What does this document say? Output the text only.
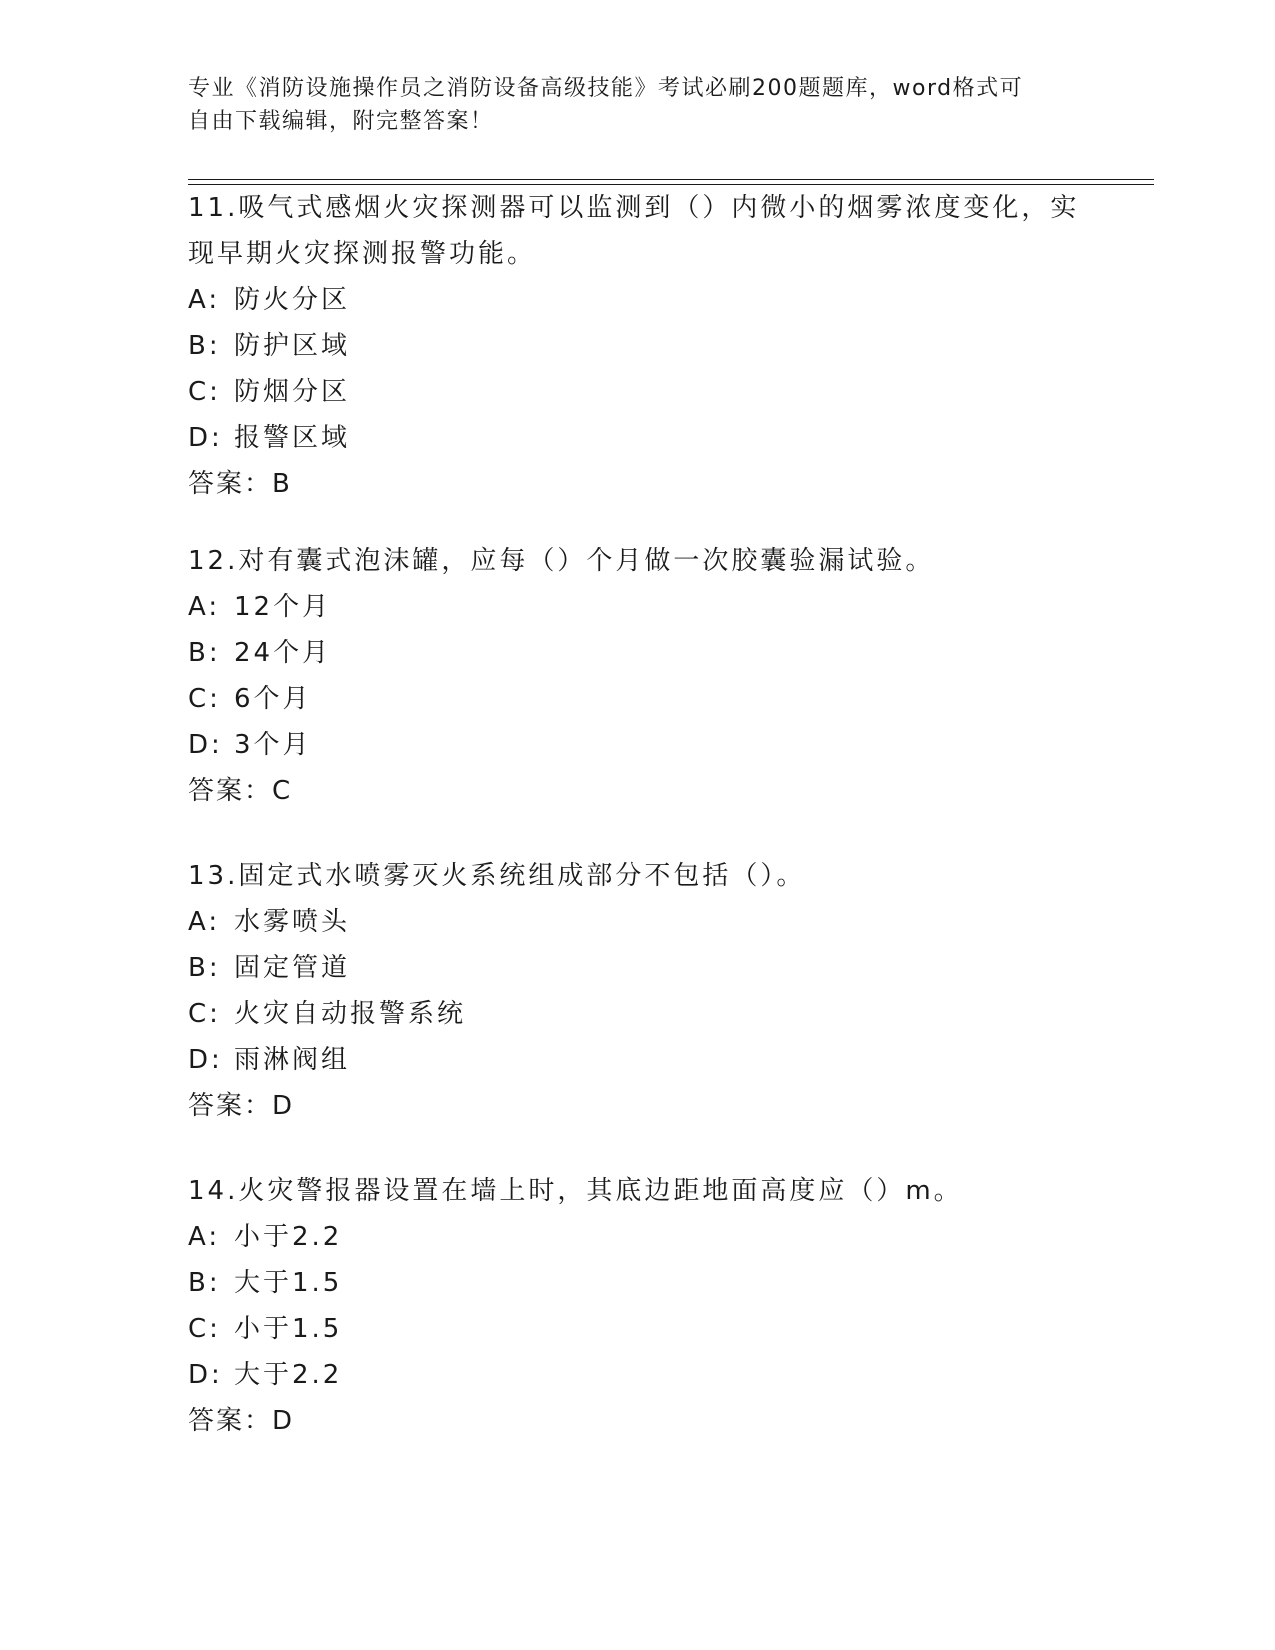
专业《消防设施操作员之消防设备高级技能》考试必刷200题题库，word格式可
自由下载编辑，附完整答案！
11.吸气式感烟火灾探测器可以监测到（）内微小的烟雾浓度变化，实
现早期火灾探测报警功能。
A: 防火分区
B: 防护区域
C: 防烟分区
D: 报警区域
答案：B
12.对有囊式泡沫罐，应每（）个月做一次胶囊验漏试验。
A: 12个月
B: 24个月
C: 6个月
D: 3个月
答案：C
13.固定式水喷雾灭火系统组成部分不包括（）。
A: 水雾喷头
B: 固定管道
C: 火灾自动报警系统
D: 雨淋阀组
答案：D
14.火灾警报器设置在墙上时，其底边距地面高度应（）m。
A: 小于2.2
B: 大于1.5
C: 小于1.5
D: 大于2.2
答案：D
